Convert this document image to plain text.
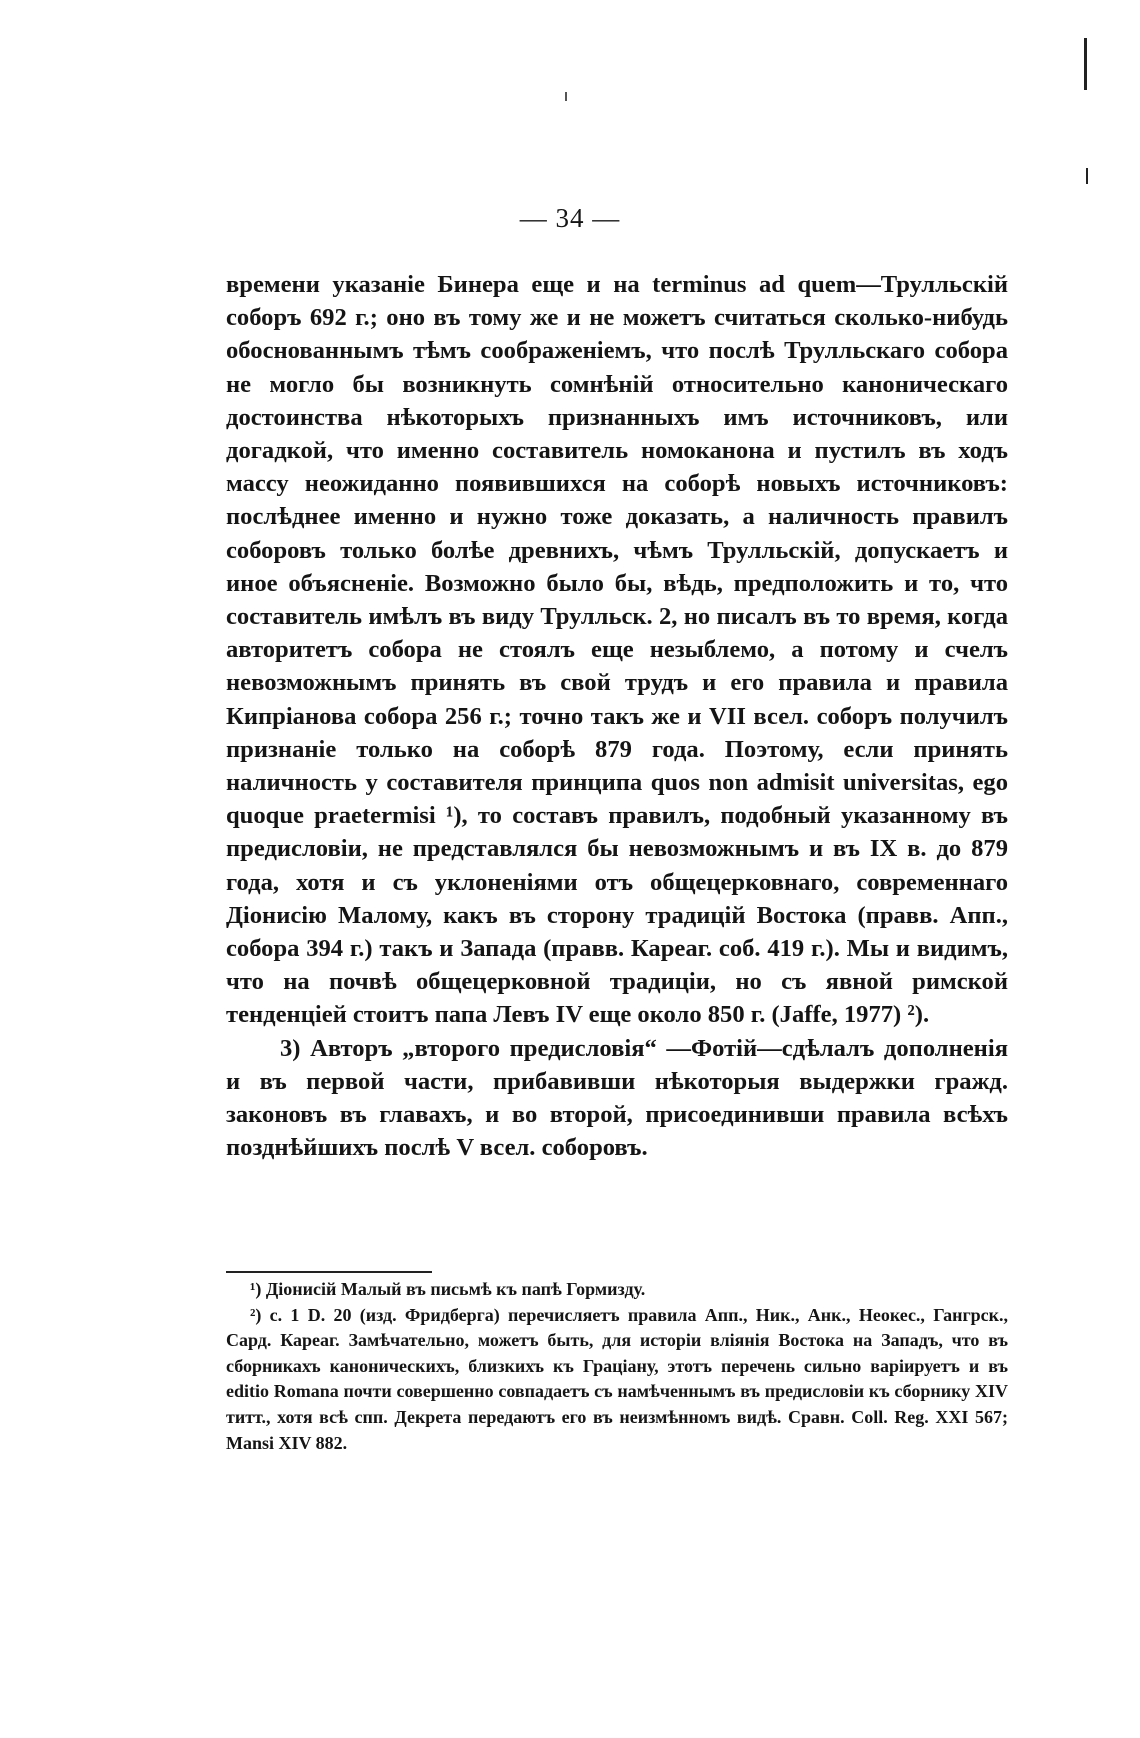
— 34 —

времени указаніе Бинера еще и на terminus ad quem—Трулльскій соборъ 692 г.; оно въ тому же и не можетъ считаться сколько-нибудь обоснованнымъ тѣмъ соображеніемъ, что послѣ Трулльскаго собора не могло бы возникнуть сомнѣній относительно каноническаго достоинства нѣкоторыхъ признанныхъ имъ источниковъ, или догадкой, что именно составитель номоканона и пустилъ въ ходъ массу неожиданно появившихся на соборѣ новыхъ источниковъ: послѣднее именно и нужно тоже доказать, а наличность правилъ соборовъ только болѣе древнихъ, чѣмъ Трулльскій, допускаетъ и иное объясненіе. Возможно было бы, вѣдь, предположить и то, что составитель имѣлъ въ виду Трулльск. 2, но писалъ въ то время, когда авторитетъ собора не стоялъ еще незыблемо, а потому и счелъ невозможнымъ принять въ свой трудъ и его правила и правила Кипріанова собора 256 г.; точно такъ же и VII всел. соборъ получилъ признаніе только на соборѣ 879 года. Поэтому, если принять наличность у составителя принципа quos non admisit universitas, ego quoque praetermisi ¹), то составъ правилъ, подобный указанному въ предисловіи, не представлялся бы невозможнымъ и въ IX в. до 879 года, хотя и съ уклоненіями отъ общецерковнаго, современнаго Діонисію Малому, какъ въ сторону традицій Востока (правв. Апп., собора 394 г.) такъ и Запада (правв. Кареаг. соб. 419 г.). Мы и видимъ, что на почвѣ общецерковной традиціи, но съ явной римской тенденціей стоитъ папа Левъ IV еще около 850 г. (Jaffe, 1977) ²).

3) Авторъ „второго предисловія“ —Фотій—сдѣлалъ дополненія и въ первой части, прибавивши нѣкоторыя выдержки гражд. законовъ въ главахъ, и во второй, присоединивши правила всѣхъ позднѣйшихъ послѣ V всел. соборовъ.

¹) Діонисій Малый въ письмѣ къ папѣ Гормизду.

²) c. 1 D. 20 (изд. Фридберга) перечисляетъ правила Апп., Ник., Анк., Неокес., Гангрск., Сард. Кареаг. Замѣчательно, можетъ быть, для исторіи вліянія Востока на Западъ, что въ сборникахъ каноническихъ, близкихъ къ Граціану, этотъ перечень сильно варіируетъ и въ editio Romana почти совершенно совпадаетъ съ намѣченнымъ въ предисловіи къ сборнику XIV титт., хотя всѣ спп. Декрета передаютъ его въ неизмѣнномъ видѣ. Сравн. Coll. Reg. XXI 567; Mansi XIV 882.
